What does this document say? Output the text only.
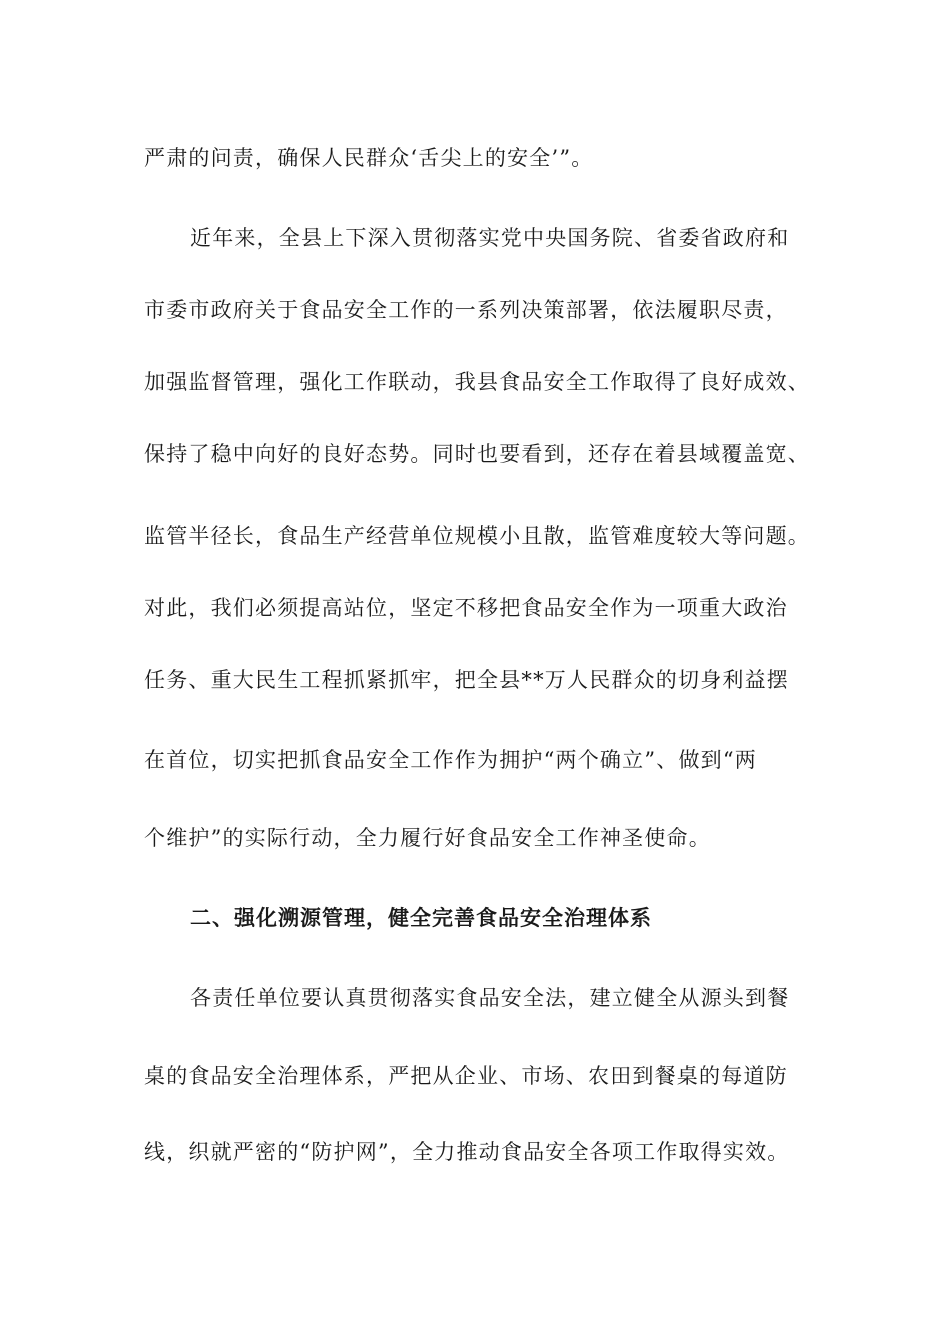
严肃的问责，确保人民群众‘舌尖上的安全’”。
近年来，全县上下深入贯彻落实党中央国务院、省委省政府和
市委市政府关于食品安全工作的一系列决策部署，依法履职尽责，
加强监督管理，强化工作联动，我县食品安全工作取得了良好成效、
保持了稳中向好的良好态势。同时也要看到，还存在着县域覆盖宽、
监管半径长，食品生产经营单位规模小且散，监管难度较大等问题。
对此，我们必须提高站位，坚定不移把食品安全作为一项重大政治
任务、重大民生工程抓紧抓牢，把全县**万人民群众的切身利益摆
在首位，切实把抓食品安全工作作为拥护“两个确立”、做到“两
个维护”的实际行动，全力履行好食品安全工作神圣使命。
二、强化溯源管理，健全完善食品安全治理体系
各责任单位要认真贯彻落实食品安全法，建立健全从源头到餐
桌的食品安全治理体系，严把从企业、市场、农田到餐桌的每道防
线，织就严密的“防护网”，全力推动食品安全各项工作取得实效。
